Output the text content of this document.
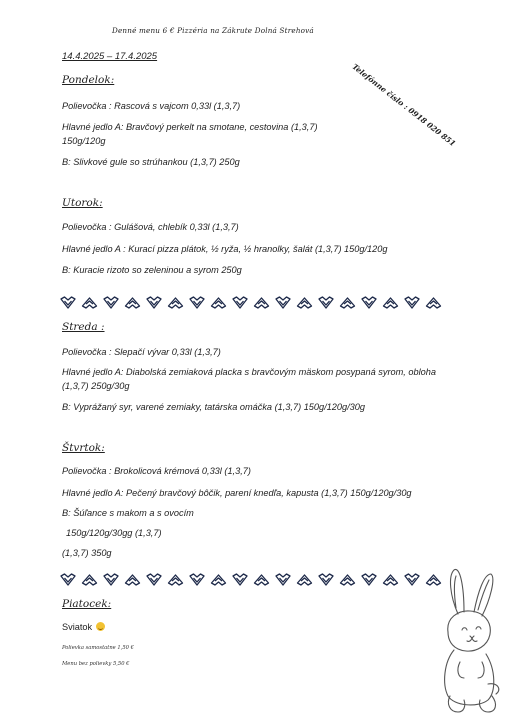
Denné menu 6 € Pizzéria na Zákrute Dolná Strehová
14.4.2025 – 17.4.2025
Telefónne číslo : 0918 020 851
Pondelok:
Polievočka : Rascová s vajcom 0,33l (1,3,7)
Hlavné jedlo A: Bravčový perkelt na smotane, cestovina (1,3,7)
150g/120g
B: Slivkové gule so strúhankou (1,3,7) 250g
Utorok:
Polievočka : Gulášová, chlebík 0,33l (1,3,7)
Hlavné jedlo A : Kurací pizza plátok, ½ ryža, ½ hranolky, šalát (1,3,7) 150g/120g
B: Kuracie rizoto so zeleninou a syrom 250g
Streda :
Polievočka : Slepačí vývar 0,33l (1,3,7)
Hlavné jedlo A: Diabolská zemiaková placka s bravčovým mäskom posypaná syrom, obloha
(1,3,7) 250g/30g
B: Vyprážaný syr, varené zemiaky, tatárska omáčka (1,3,7) 150g/120g/30g
Štvrtok:
Polievočka : Brokolicová krémová 0,33l (1,3,7)
Hlavné jedlo A: Pečený bravčový bôčik, parení knedľa, kapusta (1,3,7) 150g/120g/30g
B: Šúľance s makom a s ovocím
150g/120g/30gg (1,3,7)
(1,3,7) 350g
Piatocek:
Sviatok
Polievka samostatne 1,50 €
Menu bez polievky 5,50 €
